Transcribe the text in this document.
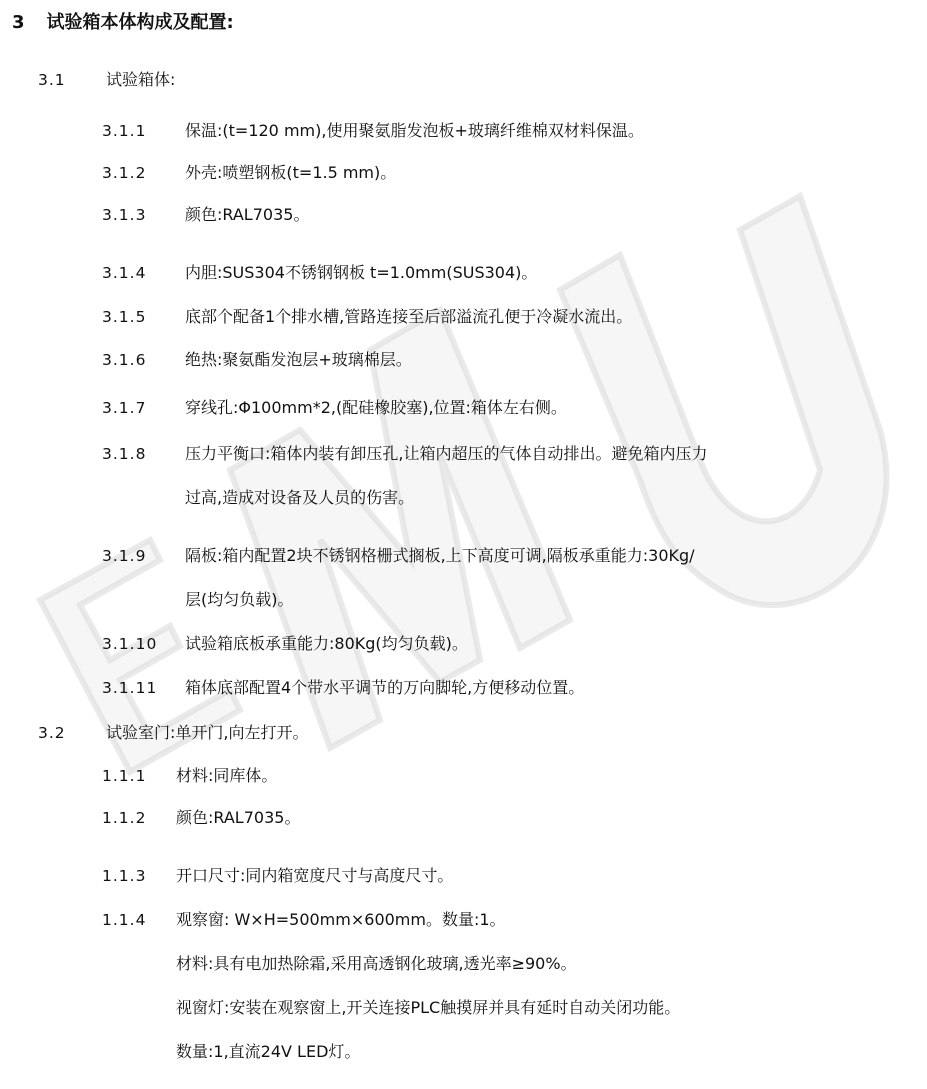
3 试验箱本体构成及配置:
3.1	试验箱体:
3.1.1 保温:(t=120 mm),使用聚氨脂发泡板+玻璃纤维棉双材料保温。
3.1.2 外壳:喷塑钢板(t=1.5 mm)。
3.1.3 颜色:RAL7035。
3.1.4 内胆:SUS304不锈钢钢板 t=1.0mm(SUS304)。
3.1.5 底部个配备1个排水槽,管路连接至后部溢流孔便于冷凝水流出。
3.1.6 绝热:聚氨酯发泡层+玻璃棉层。
3.1.7 穿线孔:Φ100mm*2,(配硅橡胶塞),位置:箱体左右侧。
3.1.8 压力平衡口:箱体内装有卸压孔,让箱内超压的气体自动排出。避免箱内压力
过高,造成对设备及人员的伤害。
3.1.9 隔板:箱内配置2块不锈钢格栅式搁板,上下高度可调,隔板承重能力:30Kg/
层(均匀负载)。
3.1.10 试验箱底板承重能力:80Kg(均匀负载)。
3.1.11 箱体底部配置4个带水平调节的万向脚轮,方便移动位置。
3.2	试验室门:单开门,向左打开。
1.1.1 材料:同库体。
1.1.2 颜色:RAL7035。
1.1.3 开口尺寸:同内箱宽度尺寸与高度尺寸。
1.1.4 观察窗: W×H=500mm×600mm。数量:1。
材料:具有电加热除霜,采用高透钢化玻璃,透光率≥90%。
视窗灯:安装在观察窗上,开关连接PLC触摸屏并具有延时自动关闭功能。
数量:1,直流24V LED灯。
